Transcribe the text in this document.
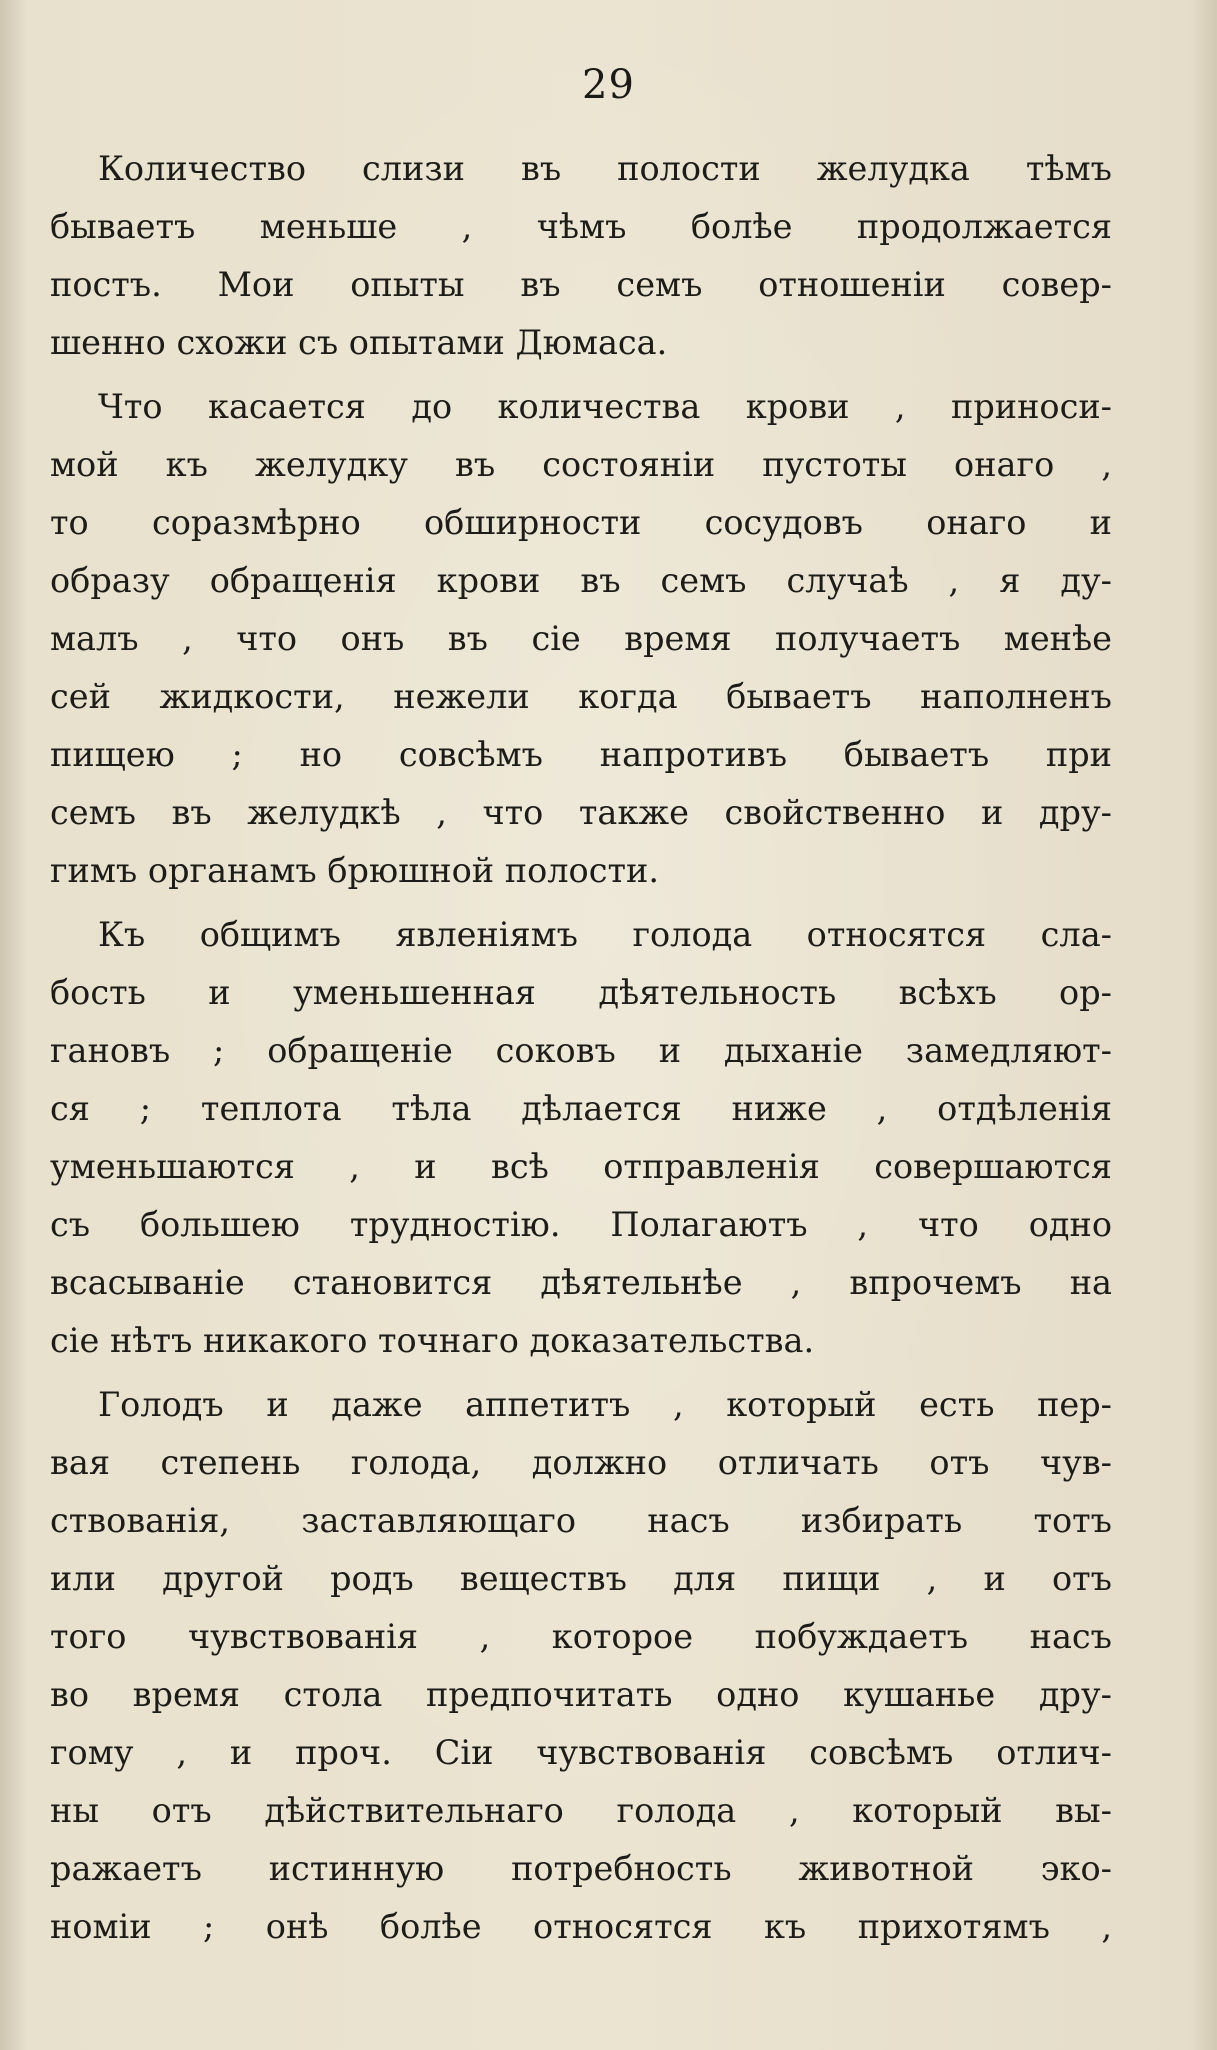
29
Количество слизи въ полости желудка тѣмъ
бываетъ меньше , чѣмъ болѣе продолжается
постъ. Мои опыты въ семъ отношеніи совер-
шенно схожи съ опытами Дюмаса.
Что касается до количества крови , приноси-
мой къ желудку въ состояніи пустоты онаго ,
то соразмѣрно обширности сосудовъ онаго и
образу обращенія крови въ семъ случаѣ , я ду-
малъ , что онъ въ сіе время получаетъ менѣе
сей жидкости, нежели когда бываетъ наполненъ
пищею ; но совсѣмъ напротивъ бываетъ при
семъ въ желудкѣ , что также свойственно и дру-
гимъ органамъ брюшной полости.
Къ общимъ явленіямъ голода относятся сла-
бость и уменьшенная дѣятельность всѣхъ ор-
гановъ ; обращеніе соковъ и дыханіе замедляют-
ся ; теплота тѣла дѣлается ниже , отдѣленія
уменьшаются , и всѣ отправленія совершаются
съ большею трудностію. Полагаютъ , что одно
всасываніе становится дѣятельнѣе , впрочемъ на
сіе нѣтъ никакого точнаго доказательства.
Голодъ и даже аппетитъ , который есть пер-
вая степень голода, должно отличать отъ чув-
ствованія, заставляющаго насъ избирать тотъ
или другой родъ веществъ для пищи , и отъ
того чувствованія , которое побуждаетъ насъ
во время стола предпочитать одно кушанье дру-
гому , и проч. Сіи чувствованія совсѣмъ отлич-
ны отъ дѣйствительнаго голода , который вы-
ражаетъ истинную потребность животной эко-
номіи ; онѣ болѣе относятся къ прихотямъ ,
